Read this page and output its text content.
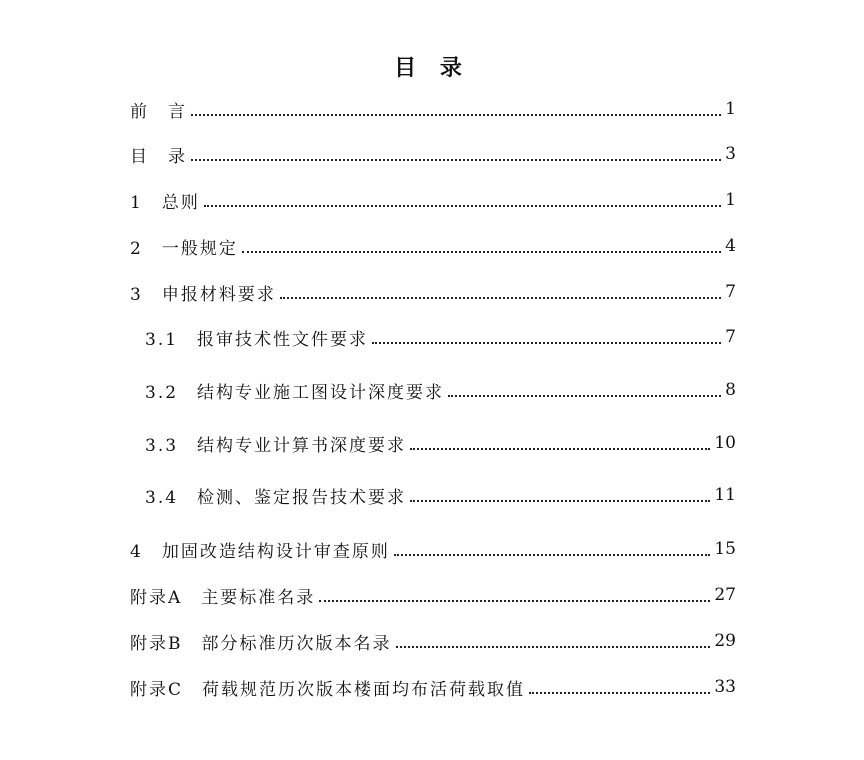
目 录
前　言	1
目　录	3
1　总则	1
2　一般规定	4
3　申报材料要求	7
3.1　报审技术性文件要求	7
3.2　结构专业施工图设计深度要求	8
3.3　结构专业计算书深度要求	10
3.4　检测、鉴定报告技术要求	11
4　加固改造结构设计审查原则	15
附录A　主要标准名录	27
附录B　部分标准历次版本名录	29
附录C　荷载规范历次版本楼面均布活荷载取值	33
